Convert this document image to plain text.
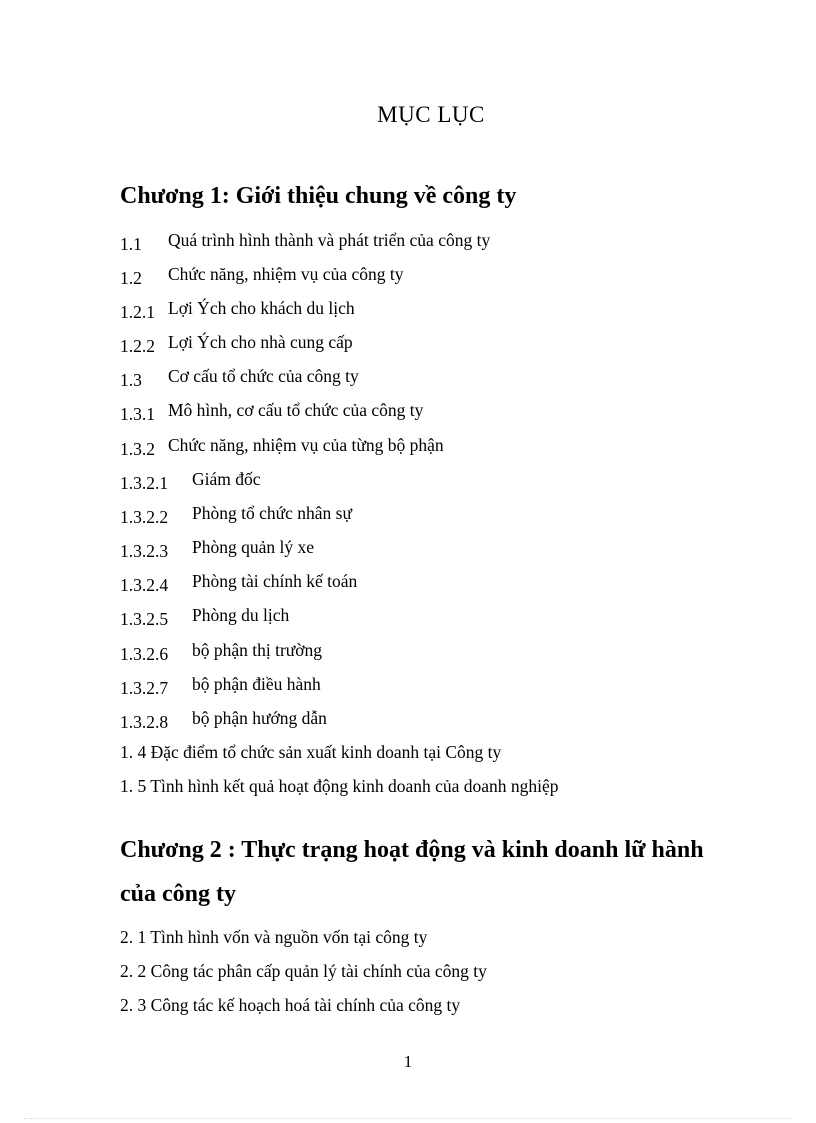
MỤC LỤC
Chương 1: Giới thiệu chung về công ty
1.1 Quá trình hình thành và phát triển của công ty
1.2 Chức năng, nhiệm vụ của công ty
1.2.1 Lợi Ých cho khách du lịch
1.2.2 Lợi Ých cho nhà cung cấp
1.3 Cơ cấu tổ chức của công ty
1.3.1 Mô hình, cơ cấu tổ chức của công ty
1.3.2 Chức năng, nhiệm vụ của từng bộ phận
1.3.2.1 Giám đốc
1.3.2.2 Phòng tổ chức nhân sự
1.3.2.3 Phòng quản lý xe
1.3.2.4 Phòng tài chính kế toán
1.3.2.5 Phòng du lịch
1.3.2.6 bộ phận thị trường
1.3.2.7 bộ phận điều hành
1.3.2.8 bộ phận hướng dẫn
1. 4 Đặc điểm tổ chức sản xuất kinh doanh tại Công ty
1. 5 Tình hình kết quả hoạt động kinh doanh của doanh nghiệp
Chương 2 : Thực trạng hoạt động và kinh doanh lữ hành
của công ty
2. 1 Tình hình vốn và nguồn vốn tại công ty
2. 2 Công tác phân cấp quản lý tài chính của công ty
2. 3 Công tác kế hoạch hoá tài chính của công ty
1
